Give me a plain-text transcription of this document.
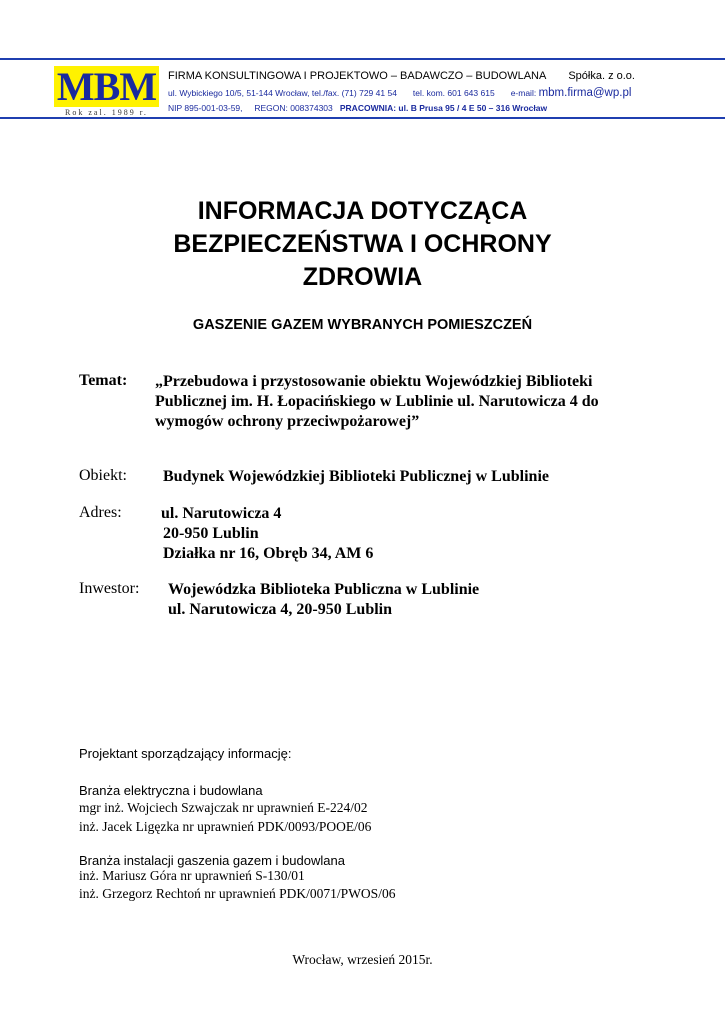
MBM
Rok zal. 1989 r.
FIRMA KONSULTINGOWA I PROJEKTOWO – BADAWCZO – BUDOWLANA Spółka. z o.o.
ul. Wybickiego 10/5, 51-144 Wrocław, tel./fax. (71) 729 41 54 tel. kom. 601 643 615 e-mail: mbm.firma@wp.pl
NIP 895-001-03-59, REGON: 008374303 PRACOWNIA: ul. B Prusa 95 / 4 E 50 – 316 Wrocław
INFORMACJA DOTYCZĄCA
BEZPIECZEŃSTWA I OCHRONY
ZDROWIA
GASZENIE GAZEM WYBRANYCH POMIESZCZEŃ
Temat: „Przebudowa i przystosowanie obiektu Wojewódzkiej Biblioteki
Publicznej im. H. Łopacińskiego w Lublinie ul. Narutowicza 4 do
wymogów ochrony przeciwpożarowej”
Obiekt: Budynek Wojewódzkiej Biblioteki Publicznej w Lublinie
Adres: ul. Narutowicza 4
20-950 Lublin
Działka nr 16, Obręb 34, AM 6
Inwestor: Wojewódzka Biblioteka Publiczna w Lublinie
ul. Narutowicza 4, 20-950 Lublin
Projektant sporządzający informację:
Branża elektryczna i budowlana
mgr inż. Wojciech Szwajczak nr uprawnień E-224/02
inż. Jacek Ligęzka nr uprawnień PDK/0093/POOE/06
Branża instalacji gaszenia gazem i budowlana
inż. Mariusz Góra nr uprawnień S-130/01
inż. Grzegorz Rechtoń nr uprawnień PDK/0071/PWOS/06
Wrocław, wrzesień 2015r.
